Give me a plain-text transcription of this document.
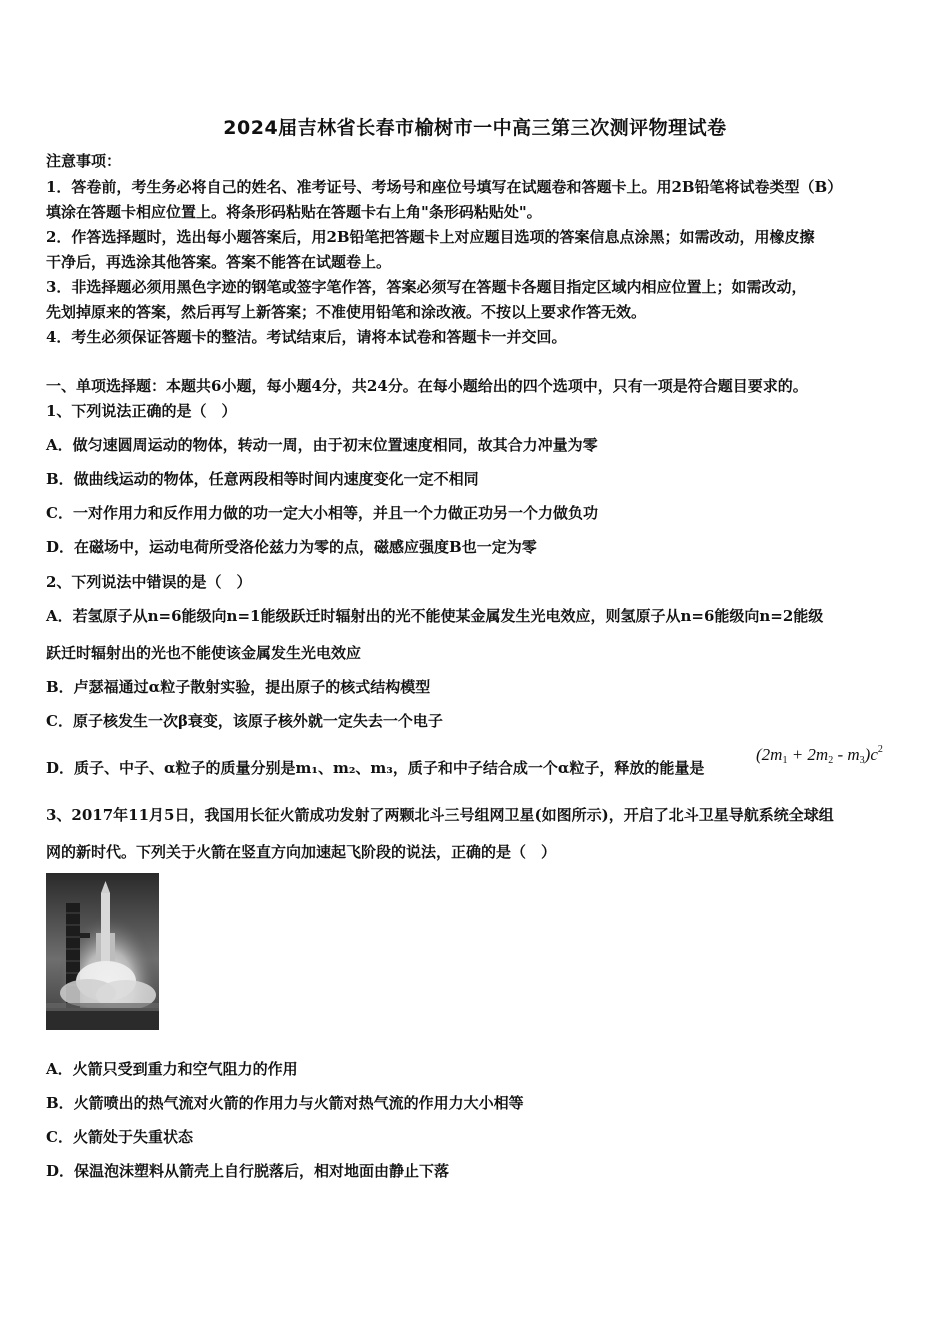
2024届吉林省长春市榆树市一中高三第三次测评物理试卷
注意事项：
1．答卷前，考生务必将自己的姓名、准考证号、考场号和座位号填写在试题卷和答题卡上。用2B铅笔将试卷类型（B）
填涂在答题卡相应位置上。将条形码粘贴在答题卡右上角"条形码粘贴处"。
2．作答选择题时，选出每小题答案后，用2B铅笔把答题卡上对应题目选项的答案信息点涂黑；如需改动，用橡皮擦
干净后，再选涂其他答案。答案不能答在试题卷上。
3．非选择题必须用黑色字迹的钢笔或签字笔作答，答案必须写在答题卡各题目指定区域内相应位置上；如需改动，
先划掉原来的答案，然后再写上新答案；不准使用铅笔和涂改液。不按以上要求作答无效。
4．考生必须保证答题卡的整洁。考试结束后，请将本试卷和答题卡一并交回。
一、单项选择题：本题共6小题，每小题4分，共24分。在每小题给出的四个选项中，只有一项是符合题目要求的。
1、下列说法正确的是（　）
A．做匀速圆周运动的物体，转动一周，由于初末位置速度相同，故其合力冲量为零
B．做曲线运动的物体，任意两段相等时间内速度变化一定不相同
C．一对作用力和反作用力做的功一定大小相等，并且一个力做正功另一个力做负功
D．在磁场中，运动电荷所受洛伦兹力为零的点，磁感应强度B也一定为零
2、下列说法中错误的是（　）
A．若氢原子从n=6能级向n=1能级跃迁时辐射出的光不能使某金属发生光电效应，则氢原子从n=6能级向n=2能级
跃迁时辐射出的光也不能使该金属发生光电效应
B．卢瑟福通过α粒子散射实验，提出原子的核式结构模型
C．原子核发生一次β衰变，该原子核外就一定失去一个电子
D．质子、中子、α粒子的质量分别是m₁、m₂、m₃，质子和中子结合成一个α粒子，释放的能量是
$(2m_1 + 2m_2 - m_3)c^2$
3、2017年11月5日，我国用长征火箭成功发射了两颗北斗三号组网卫星(如图所示)，开启了北斗卫星导航系统全球组
网的新时代。下列关于火箭在竖直方向加速起飞阶段的说法，正确的是（　）
A．火箭只受到重力和空气阻力的作用
B．火箭喷出的热气流对火箭的作用力与火箭对热气流的作用力大小相等
C．火箭处于失重状态
D．保温泡沫塑料从箭壳上自行脱落后，相对地面由静止下落
